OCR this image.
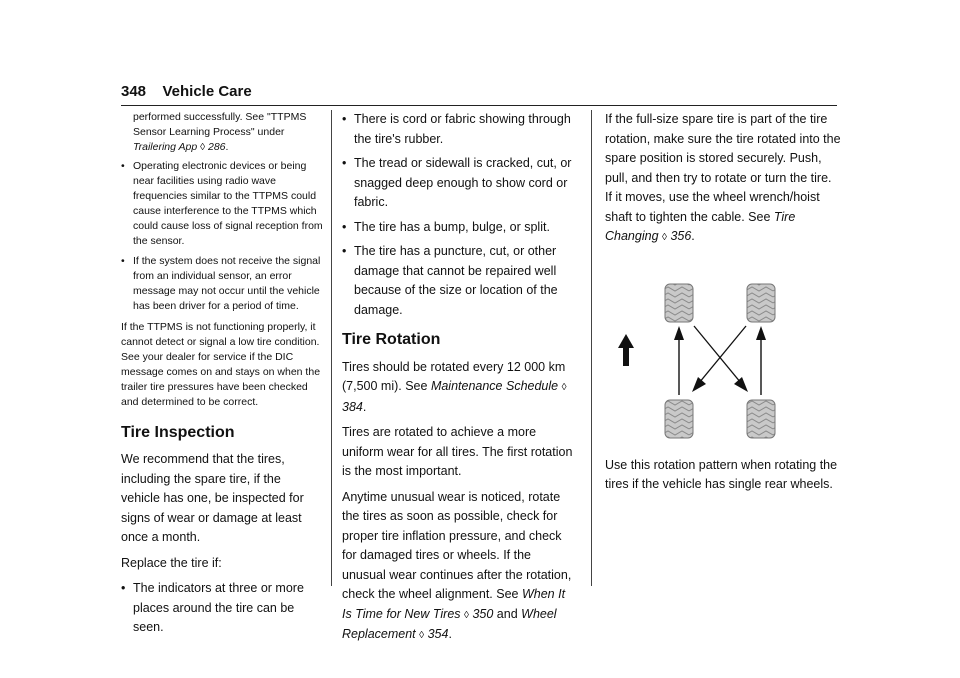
348 Vehicle Care

performed successfully. See "TTPMS Sensor Learning Process" under Trailering App ◊ 286.

• Operating electronic devices or being near facilities using radio wave frequencies similar to the TTPMS could cause interference to the TTPMS which could cause loss of signal reception from the sensor.
• If the system does not receive the signal from an individual sensor, an error message may not occur until the vehicle has been driver for a period of time.

If the TTPMS is not functioning properly, it cannot detect or signal a low tire condition. See your dealer for service if the DIC message comes on and stays on when the trailer tire pressures have been checked and determined to be correct.

Tire Inspection

We recommend that the tires, including the spare tire, if the vehicle has one, be inspected for signs of wear or damage at least once a month.

Replace the tire if:

• The indicators at three or more places around the tire can be seen.
• There is cord or fabric showing through the tire's rubber.
• The tread or sidewall is cracked, cut, or snagged deep enough to show cord or fabric.
• The tire has a bump, bulge, or split.
• The tire has a puncture, cut, or other damage that cannot be repaired well because of the size or location of the damage.
Tire Rotation

Tires should be rotated every 12 000 km (7,500 mi). See Maintenance Schedule ◊ 384.

Tires are rotated to achieve a more uniform wear for all tires. The first rotation is the most important.

Anytime unusual wear is noticed, rotate the tires as soon as possible, check for proper tire inflation pressure, and check for damaged tires or wheels. If the unusual wear continues after the rotation, check the wheel alignment. See When It Is Time for New Tires ◊ 350 and Wheel Replacement ◊ 354.

If the full-size spare tire is part of the tire rotation, make sure the tire rotated into the spare position is stored securely. Push, pull, and then try to rotate or turn the tire. If it moves, use the wheel wrench/hoist shaft to tighten the cable. See Tire Changing ◊ 356.

Use this rotation pattern when rotating the tires if the vehicle has single rear wheels.
